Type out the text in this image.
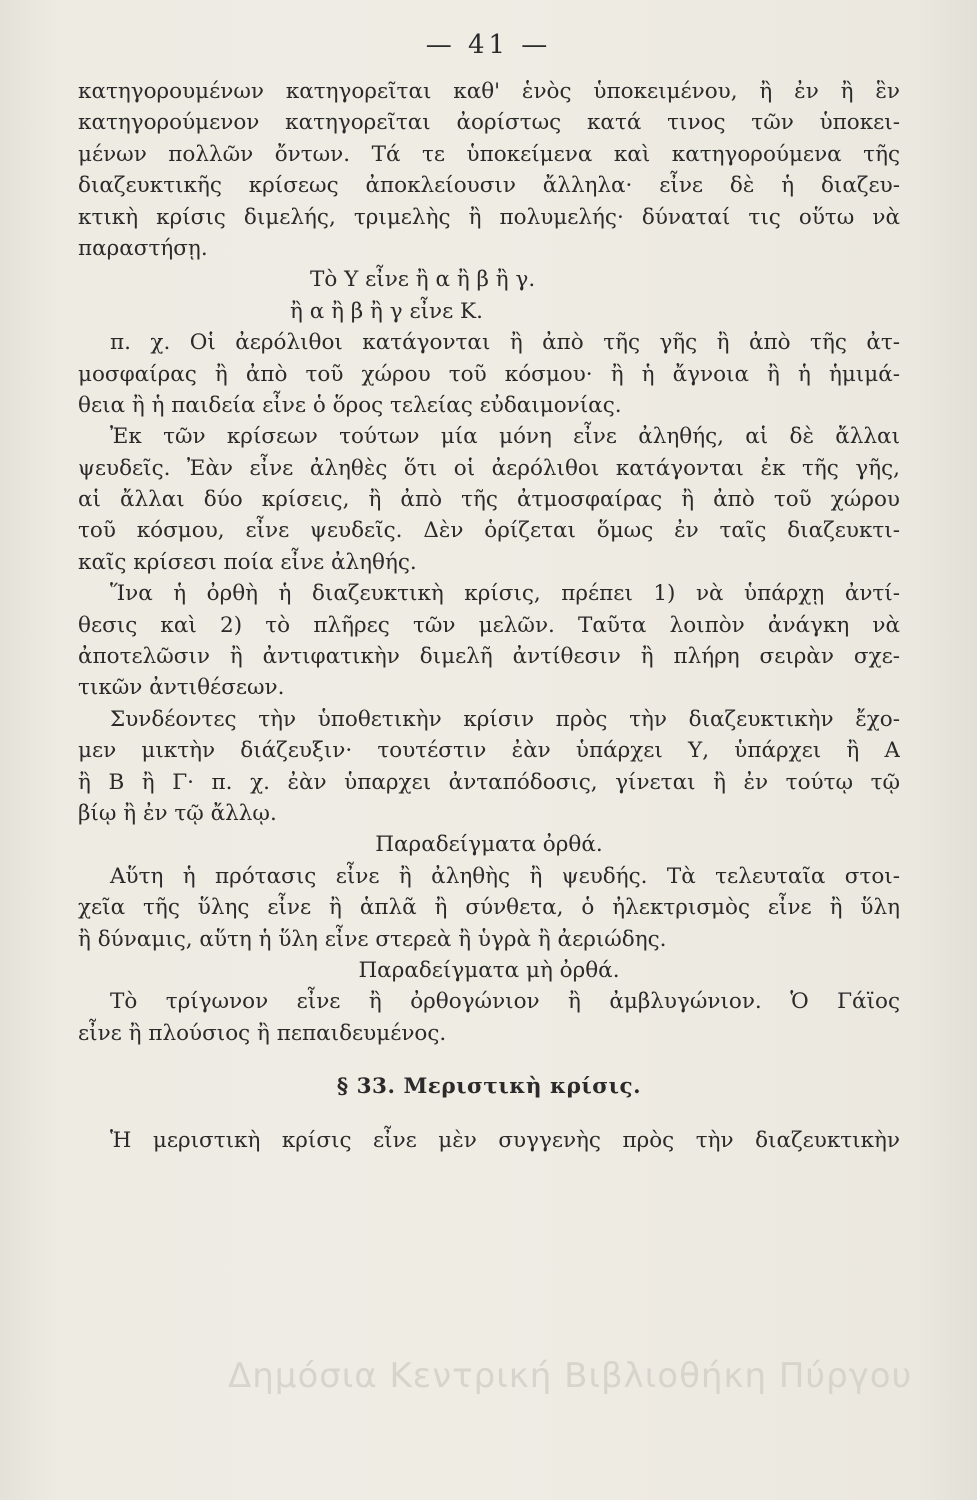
— 41 —
κατηγορουμένων κατηγορεῖται καθ' ἑνὸς ὑποκειμένου, ἢ ἐν ἢ ἓν
κατηγορούμενον κατηγορεῖται ἀορίστως κατά τινος τῶν ὑποκει-
μένων πολλῶν ὄντων. Τά τε ὑποκείμενα καὶ κατηγορούμενα τῆς
διαζευκτικῆς κρίσεως ἀποκλείουσιν ἄλληλα· εἶνε δὲ ἡ διαζευ-
κτικὴ κρίσις διμελής, τριμελὴς ἢ πολυμελής· δύναταί τις οὕτω νὰ
παραστήσῃ.
Τὸ Υ εἶνε ἢ α ἢ β ἢ γ.
ἢ α ἢ β ἢ γ εἶνε Κ.
π. χ. Οἱ ἀερόλιθοι κατάγονται ἢ ἀπὸ τῆς γῆς ἢ ἀπὸ τῆς ἀτ-
μοσφαίρας ἢ ἀπὸ τοῦ χώρου τοῦ κόσμου· ἢ ἡ ἄγνοια ἢ ἡ ἡμιμά-
θεια ἢ ἡ παιδεία εἶνε ὁ ὅρος τελείας εὐδαιμονίας.
Ἐκ τῶν κρίσεων τούτων μία μόνη εἶνε ἀληθής, αἱ δὲ ἄλλαι
ψευδεῖς. Ἐὰν εἶνε ἀληθὲς ὅτι οἱ ἀερόλιθοι κατάγονται ἐκ τῆς γῆς,
αἱ ἄλλαι δύο κρίσεις, ἢ ἀπὸ τῆς ἀτμοσφαίρας ἢ ἀπὸ τοῦ χώρου
τοῦ κόσμου, εἶνε ψευδεῖς. Δὲν ὁρίζεται ὅμως ἐν ταῖς διαζευκτι-
καῖς κρίσεσι ποία εἶνε ἀληθής.
Ἵνα ἡ ὀρθὴ ἡ διαζευκτικὴ κρίσις, πρέπει 1) νὰ ὑπάρχῃ ἀντί-
θεσις καὶ 2) τὸ πλῆρες τῶν μελῶν. Ταῦτα λοιπὸν ἀνάγκη νὰ
ἀποτελῶσιν ἢ ἀντιφατικὴν διμελῆ ἀντίθεσιν ἢ πλήρη σειρὰν σχε-
τικῶν ἀντιθέσεων.
Συνδέοντες τὴν ὑποθετικὴν κρίσιν πρὸς τὴν διαζευκτικὴν ἔχο-
μεν μικτὴν διάζευξιν· τουτέστιν ἐὰν ὑπάρχει Υ, ὑπάρχει ἢ Α
ἢ Β ἢ Γ· π. χ. ἐὰν ὑπαρχει ἀνταπόδοσις, γίνεται ἢ ἐν τούτῳ τῷ
βίῳ ἢ ἐν τῷ ἄλλῳ.
Παραδείγματα ὀρθά.
Αὕτη ἡ πρότασις εἶνε ἢ ἀληθὴς ἢ ψευδής. Τὰ τελευταῖα στοι-
χεῖα τῆς ὕλης εἶνε ἢ ἁπλᾶ ἢ σύνθετα, ὁ ἠλεκτρισμὸς εἶνε ἢ ὕλη
ἢ δύναμις, αὕτη ἡ ὕλη εἶνε στερεὰ ἢ ὑγρὰ ἢ ἀεριώδης.
Παραδείγματα μὴ ὀρθά.
Τὸ τρίγωνον εἶνε ἢ ὀρθογώνιον ἢ ἀμβλυγώνιον. Ὁ Γάϊος
εἶνε ἢ πλούσιος ἢ πεπαιδευμένος.
§ 33. Μεριστικὴ κρίσις.
Ἡ μεριστικὴ κρίσις εἶνε μὲν συγγενὴς πρὸς τὴν διαζευκτικὴν
Δημόσια Κεντρική Βιβλιοθήκη Πύργου
